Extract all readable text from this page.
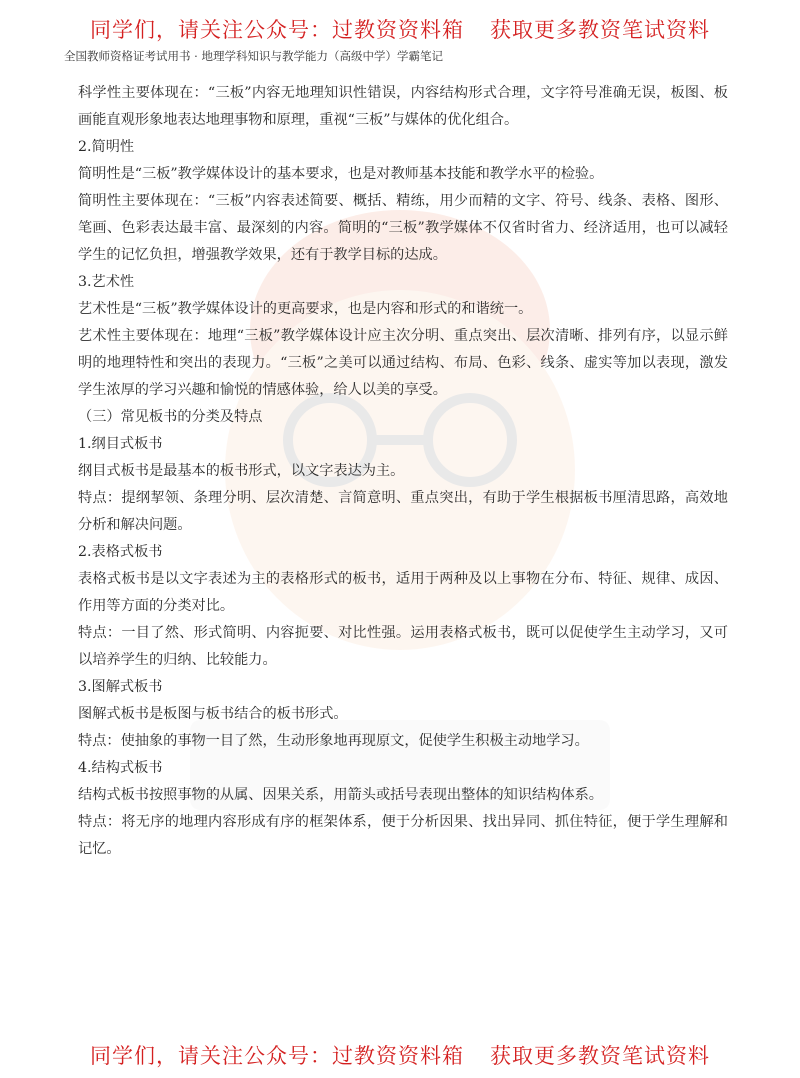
同学们，请关注公众号：过教资资料箱 获取更多教资笔试资料
全国教师资格证考试用书 · 地理学科知识与教学能力（高级中学）学霸笔记

科学性主要体现在：“三板”内容无地理知识性错误，内容结构形式合理，文字符号准确无误，板图、板画能直观形象地表达地理事物和原理，重视“三板”与媒体的优化组合。

2.简明性

简明性是“三板”教学媒体设计的基本要求，也是对教师基本技能和教学水平的检验。

简明性主要体现在：“三板”内容表述简要、概括、精练，用少而精的文字、符号、线条、表格、图形、笔画、色彩表达最丰富、最深刻的内容。简明的“三板”教学媒体不仅省时省力、经济适用，也可以减轻学生的记忆负担，增强教学效果，还有于教学目标的达成。

3.艺术性

艺术性是“三板”教学媒体设计的更高要求，也是内容和形式的和谐统一。

艺术性主要体现在：地理“三板”教学媒体设计应主次分明、重点突出、层次清晰、排列有序，以显示鲜明的地理特性和突出的表现力。“三板”之美可以通过结构、布局、色彩、线条、虚实等加以表现，激发学生浓厚的学习兴趣和愉悦的情感体验，给人以美的享受。

（三）常见板书的分类及特点

1.纲目式板书

纲目式板书是最基本的板书形式，以文字表达为主。

特点：提纲挈领、条理分明、层次清楚、言简意明、重点突出，有助于学生根据板书厘清思路，高效地分析和解决问题。

2.表格式板书

表格式板书是以文字表述为主的表格形式的板书，适用于两种及以上事物在分布、特征、规律、成因、作用等方面的分类对比。

特点：一目了然、形式简明、内容扼要、对比性强。运用表格式板书，既可以促使学生主动学习，又可以培养学生的归纳、比较能力。

3.图解式板书

图解式板书是板图与板书结合的板书形式。

特点：使抽象的事物一目了然，生动形象地再现原文，促使学生积极主动地学习。

4.结构式板书

结构式板书按照事物的从属、因果关系，用箭头或括号表现出整体的知识结构体系。

特点：将无序的地理内容形成有序的框架体系，便于分析因果、找出异同、抓住特征，便于学生理解和记忆。

同学们，请关注公众号：过教资资料箱 获取更多教资笔试资料
